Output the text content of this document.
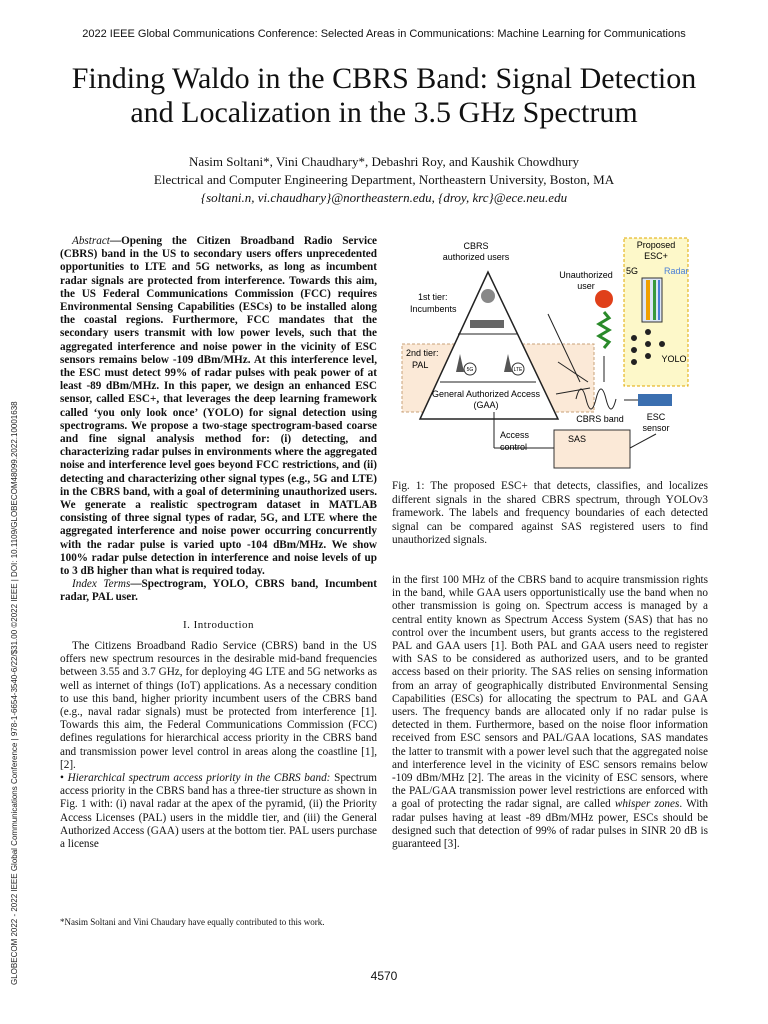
2022 IEEE Global Communications Conference: Selected Areas in Communications: Machine Learning for Communications
Finding Waldo in the CBRS Band: Signal Detection
and Localization in the 3.5 GHz Spectrum
Nasim Soltani*, Vini Chaudhary*, Debashri Roy, and Kaushik Chowdhury
Electrical and Computer Engineering Department, Northeastern University, Boston, MA
{soltani.n, vi.chaudhary}@northeastern.edu, {droy, krc}@ece.neu.edu
GLOBECOM 2022 - 2022 IEEE Global Communications Conference | 978-1-6654-3540-6/22/$31.00 ©2022 IEEE | DOI: 10.1109/GLOBECOM48099.2022.10001638

Abstract—Opening the Citizen Broadband Radio Service (CBRS) band in the US to secondary users offers unprecedented opportunities to LTE and 5G networks, as long as incumbent radar signals are protected from interference. Towards this aim, the US Federal Communications Commission (FCC) requires Environmental Sensing Capabilities (ESCs) to be installed along the coastal regions. Furthermore, FCC mandates that the secondary users transmit with low power levels, such that the aggregated interference and noise power in the vicinity of ESC sensors remains below -109 dBm/MHz. At this interference level, the ESC must detect 99% of radar pulses with peak power of at least -89 dBm/MHz. In this paper, we design an enhanced ESC sensor, called ESC+, that leverages the deep learning framework called ‘you only look once’ (YOLO) for signal detection using spectrograms. We propose a two-stage spectrogram-based coarse and fine signal analysis method for: (i) detecting, and characterizing radar pulses in environments where the aggregated noise and interference level goes beyond FCC restrictions, and (ii) detecting and characterizing other signal types (e.g., 5G and LTE) in the CBRS band, with a goal of determining unauthorized users. We generate a realistic spectrogram dataset in MATLAB consisting of three signal types of radar, 5G, and LTE where the aggregated interference and noise power occurring concurrently with the radar pulse is varied upto -104 dBm/MHz. We show 100% radar pulse detection in interference and noise levels of up to 3 dB higher than what is required today.

Index Terms—Spectrogram, YOLO, CBRS band, Incumbent radar, PAL user.

I. Introduction

The Citizens Broadband Radio Service (CBRS) band in the US offers new spectrum resources in the desirable mid-band frequencies between 3.55 and 3.7 GHz, for deploying 4G LTE and 5G networks as well as internet of things (IoT) applications. As a necessary condition to use this band, higher priority incumbent users of the CBRS band (e.g., naval radar signals) must be protected from interference [1]. Towards this aim, the Federal Communications Commission (FCC) defines regulations for hierarchical access priority in the CBRS band and transmission power level control in areas along the coastline [1], [2].

• Hierarchical spectrum access priority in the CBRS band: Spectrum access priority in the CBRS band has a three-tier structure as shown in Fig. 1 with: (i) naval radar at the apex of the pyramid, (ii) the Priority Access Licenses (PAL) users in the middle tier, and (iii) the General Authorized Access (GAA) users at the bottom tier. PAL users purchase a license

*Nasim Soltani and Vini Chaudary have equally contributed to this work.
5G	LTE
CBRS
authorized users
1st tier:
Incumbents
2nd tier:
PAL
General Authorized Access
(GAA)
Unauthorized
user
CBRS band
Proposed
ESC+
5G	Radar
YOLO
ESC
sensor
SAS
Access
control
Fig. 1: The proposed ESC+ that detects, classifies, and localizes different signals in the shared CBRS spectrum, through YOLOv3 framework. The labels and frequency boundaries of each detected signal can be compared against SAS registered users to find unauthorized signals.

in the first 100 MHz of the CBRS band to acquire transmission rights in the band, while GAA users opportunistically use the band when no other transmission is going on. Spectrum access is managed by a central entity known as Spectrum Access System (SAS) that has no control over the incumbent users, but grants access to the registered PAL and GAA users [1]. Both PAL and GAA users need to register with SAS to be considered as authorized users, and to be granted access based on their priority. The SAS relies on sensing information from an array of geographically distributed Environmental Sensing Capabilities (ESCs) for allocating the spectrum to PAL and GAA users. The frequency bands are allocated only if no radar pulse is detected in them. Furthermore, based on the noise floor information received from ESC sensors and PAL/GAA locations, SAS mandates the latter to transmit with a power level such that the aggregated noise and interference level in the vicinity of ESC sensors remains below -109 dBm/MHz [2]. The areas in the vicinity of ESC sensors, where the PAL/GAA transmission power level restrictions are enforced with a goal of protecting the radar signal, are called whisper zones. With radar pulses having at least -89 dBm/MHz power, ESCs should be designed such that detection of 99% of radar pulses in SINR 20 dB is guaranteed [3].

4570
